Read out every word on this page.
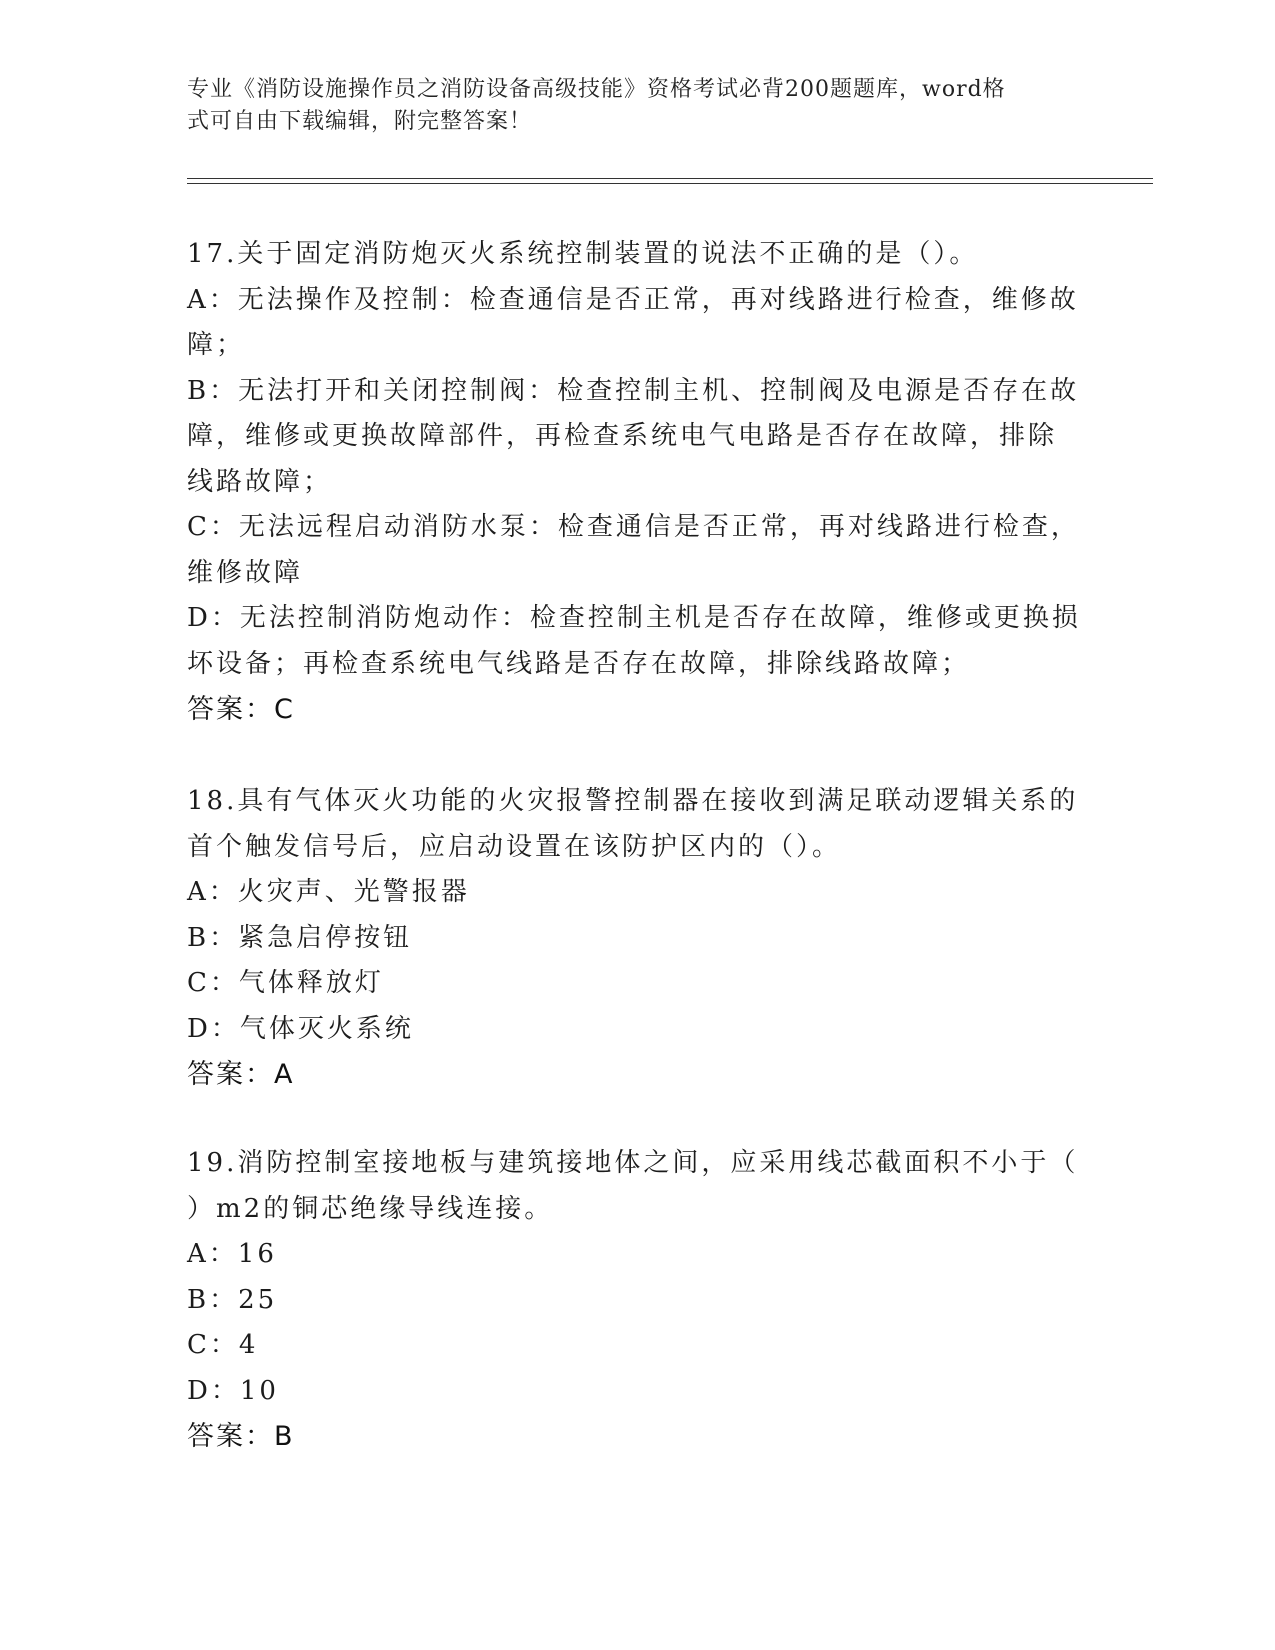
专业《消防设施操作员之消防设备高级技能》资格考试必背200题题库，word格
式可自由下载编辑，附完整答案！
17.关于固定消防炮灭火系统控制装置的说法不正确的是（）。
A：无法操作及控制：检查通信是否正常，再对线路进行检查，维修故
障；
B：无法打开和关闭控制阀：检查控制主机、控制阀及电源是否存在故
障，维修或更换故障部件，再检查系统电气电路是否存在故障，排除
线路故障；
C：无法远程启动消防水泵：检查通信是否正常，再对线路进行检查，
维修故障
D：无法控制消防炮动作：检查控制主机是否存在故障，维修或更换损
坏设备；再检查系统电气线路是否存在故障，排除线路故障；
答案：C
18.具有气体灭火功能的火灾报警控制器在接收到满足联动逻辑关系的
首个触发信号后，应启动设置在该防护区内的（）。
A：火灾声、光警报器
B：紧急启停按钮
C：气体释放灯
D：气体灭火系统
答案：A
19.消防控制室接地板与建筑接地体之间，应采用线芯截面积不小于（
）m2的铜芯绝缘导线连接。
A：16
B：25
C：4
D：10
答案：B
